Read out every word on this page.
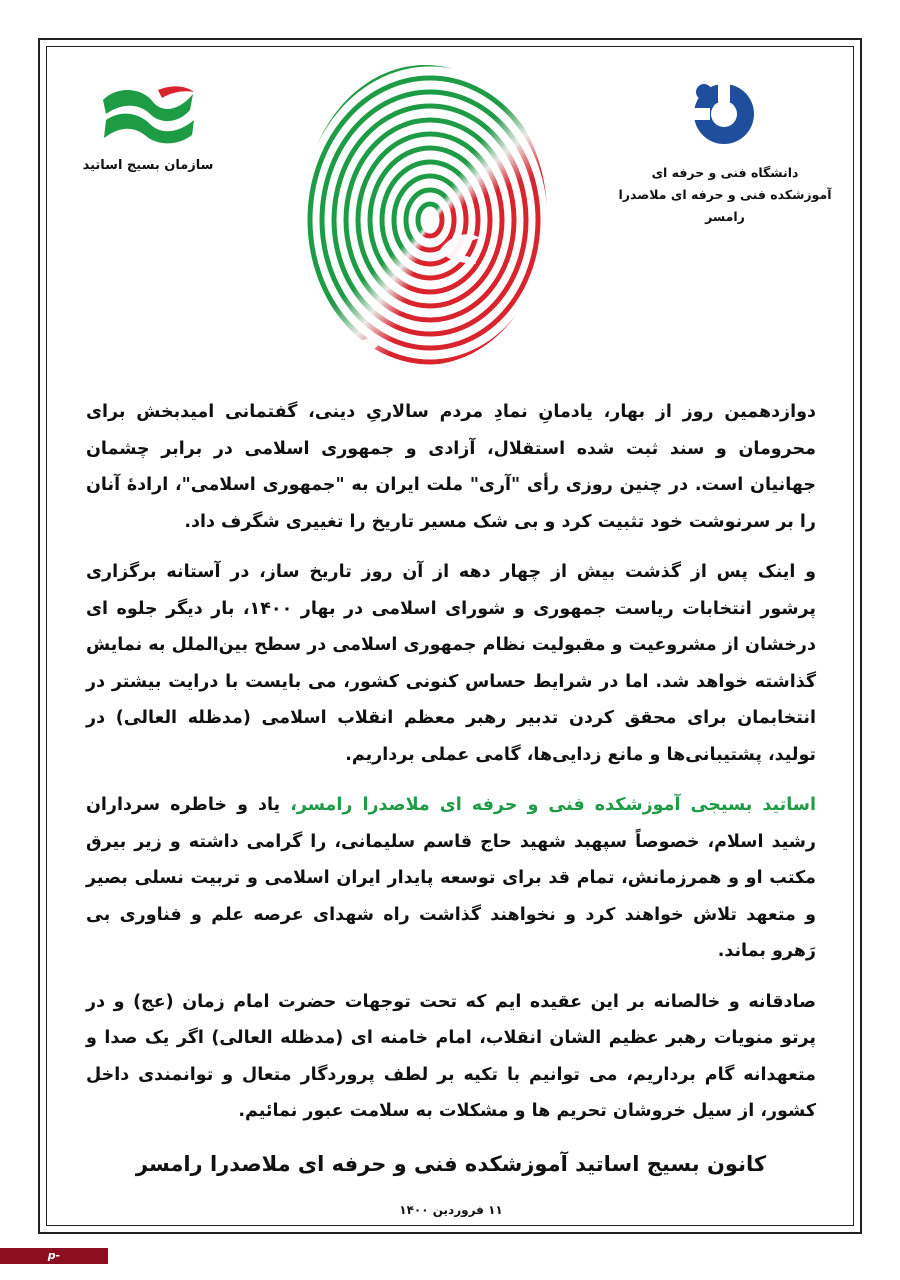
سازمان بسیج اساتید	دانشگاه فنی و حرفه ای
آموزشکده فنی و حرفه ای ملاصدرا رامسر

دوازدهمین روز از بهار، یادمانِ نمادِ مردم سالاریِ دینی، گفتمانی امیدبخش برای محرومان و سند ثبت شده استقلال، آزادی و جمهوری اسلامی در برابر چشمان جهانیان است. در چنین روزی رأی "آری" ملت ایران به "جمهوری اسلامی"، ارادهٔ آنان را بر سرنوشت خود تثبیت کرد و بی شک مسیر تاریخ را تغییری شگرف داد.

و اینک پس از گذشت بیش از چهار دهه از آن روز تاریخ ساز، در آستانه برگزاری پرشور انتخابات ریاست جمهوری و شورای اسلامی در بهار ۱۴۰۰، بار دیگر جلوه ای درخشان از مشروعیت و مقبولیت نظام جمهوری اسلامی در سطح بین‌الملل به نمایش گذاشته خواهد شد. اما در شرایط حساس کنونی کشور، می بایست با درایت بیشتر در انتخابمان برای محقق کردن تدبیر رهبر معظم انقلاب اسلامی (مدظله العالی) در تولید، پشتیبانی‌ها و مانع زدایی‌ها، گامی عملی برداریم.

اساتید بسیجی آموزشکده فنی و حرفه ای ملاصدرا رامسر، یاد و خاطره سرداران رشید اسلام، خصوصاً سپهبد شهید حاج قاسم سلیمانی، را گرامی داشته و زیر بیرق مکتب او و همرزمانش، تمام قد برای توسعه پایدار ایران اسلامی و تربیت نسلی بصیر و متعهد تلاش خواهند کرد و نخواهند گذاشت راه شهدای عرصه علم و فناوری بی رَهرو بماند.

صادقانه و خالصانه بر این عقیده ایم که تحت توجهات حضرت امام زمان (عج) و در پرتو منویات رهبر عظیم الشان انقلاب، امام خامنه ای (مدظله العالی) اگر یک صدا و متعهدانه گام برداریم، می توانیم با تکیه بر لطف پروردگار متعال و توانمندی داخل کشور، از سیل خروشان تحریم ها و مشکلات به سلامت عبور نمائیم.

کانون بسیج اساتید آموزشکده فنی و حرفه ای ملاصدرا رامسر
۱۱ فروردین ۱۴۰۰
p-ramsar.tvu.ac.ir
